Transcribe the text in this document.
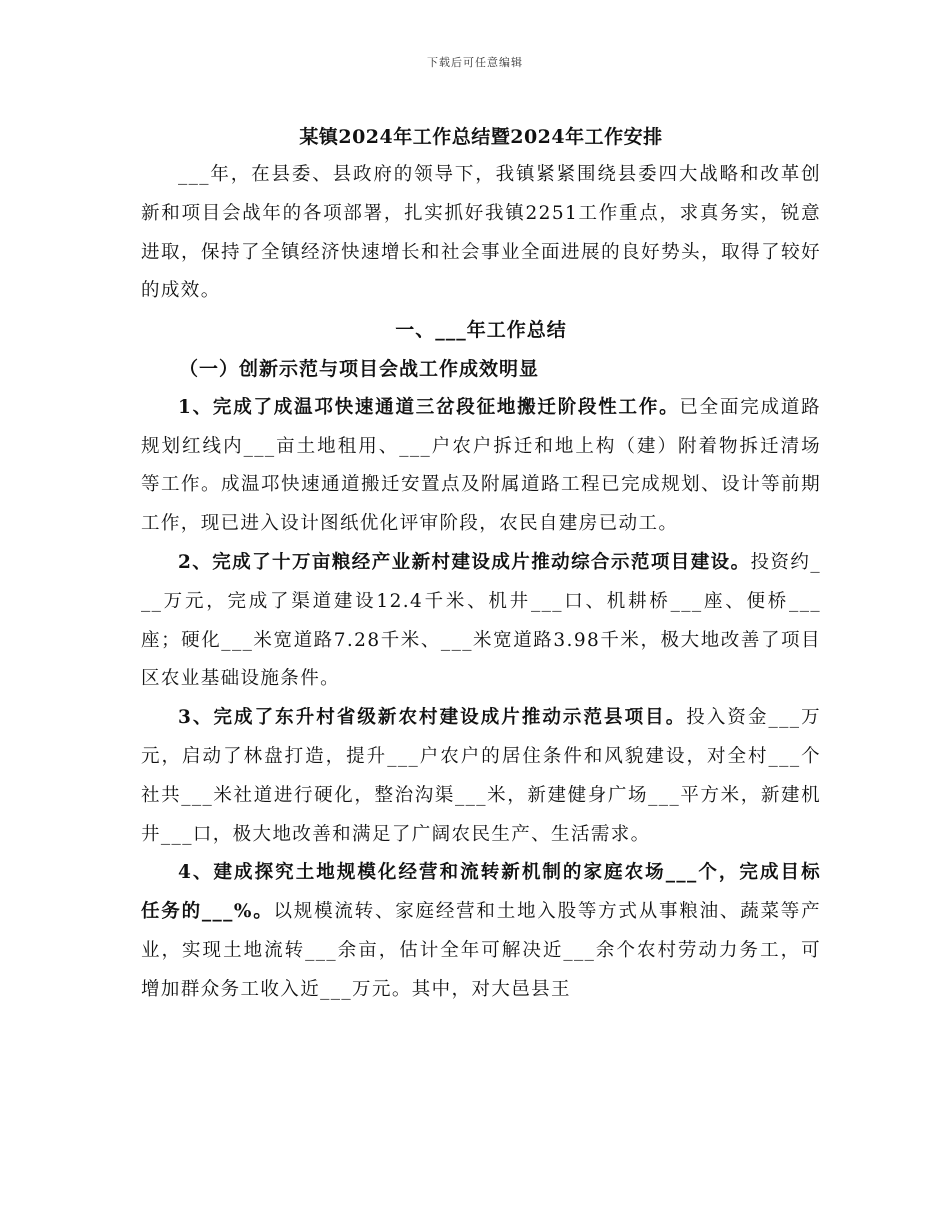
下载后可任意编辑
某镇2024年工作总结暨2024年工作安排

___年，在县委、县政府的领导下，我镇紧紧围绕县委四大战略和改革创新和项目会战年的各项部署，扎实抓好我镇2251工作重点，求真务实，锐意进取，保持了全镇经济快速增长和社会事业全面进展的良好势头，取得了较好的成效。

一、___年工作总结
（一）创新示范与项目会战工作成效明显

1、完成了成温邛快速通道三岔段征地搬迁阶段性工作。已全面完成道路规划红线内___亩土地租用、___户农户拆迁和地上构（建）附着物拆迁清场等工作。成温邛快速通道搬迁安置点及附属道路工程已完成规划、设计等前期工作，现已进入设计图纸优化评审阶段，农民自建房已动工。

2、完成了十万亩粮经产业新村建设成片推动综合示范项目建设。投资约___万元，完成了渠道建设12.4千米、机井___口、机耕桥___座、便桥___座；硬化___米宽道路7.28千米、___米宽道路3.98千米，极大地改善了项目区农业基础设施条件。

3、完成了东升村省级新农村建设成片推动示范县项目。投入资金___万元，启动了林盘打造，提升___户农户的居住条件和风貌建设，对全村___个社共___米社道进行硬化，整治沟渠___米，新建健身广场___平方米，新建机井___口，极大地改善和满足了广阔农民生产、生活需求。

4、建成探究土地规模化经营和流转新机制的家庭农场___个，完成目标任务的___%。以规模流转、家庭经营和土地入股等方式从事粮油、蔬菜等产业，实现土地流转___余亩，估计全年可解决近___余个农村劳动力务工，可增加群众务工收入近___万元。其中，对大邑县王
